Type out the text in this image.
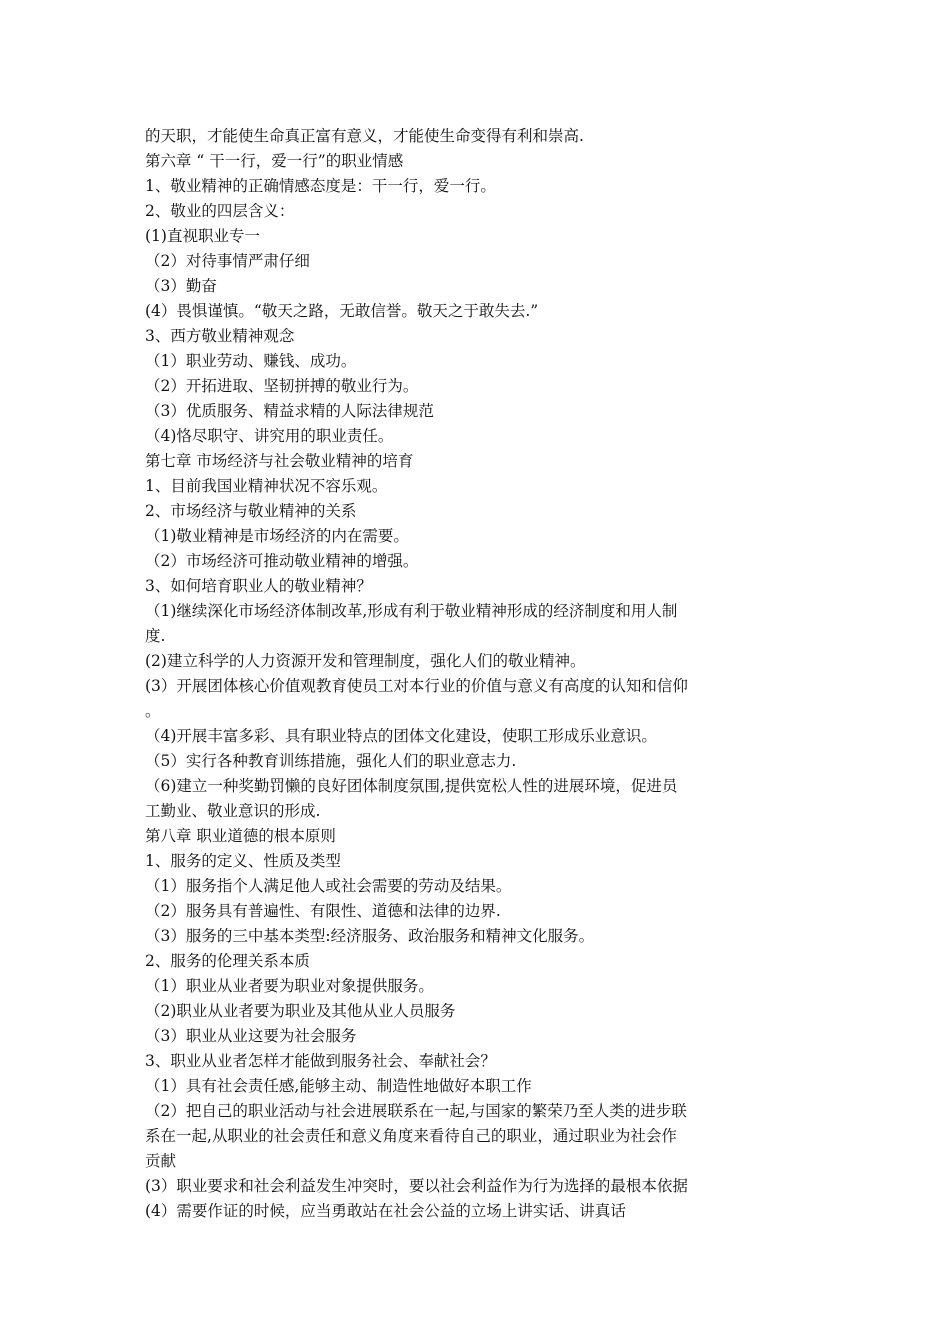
的天职，才能使生命真正富有意义，才能使生命变得有利和崇高.
第六章 “ 干一行，爱一行”的职业情感
1、敬业精神的正确情感态度是：干一行，爱一行。
2、敬业的四层含义：
(1)直视职业专一
（2）对待事情严肃仔细
（3）勤奋
(4）畏惧谨慎。“敬天之路，无敢信誉。敬天之于敢失去.”
3、西方敬业精神观念
（1）职业劳动、赚钱、成功。
（2）开拓进取、坚韧拼搏的敬业行为。
（3）优质服务、精益求精的人际法律规范
（4)恪尽职守、讲究用的职业责任。
第七章 市场经济与社会敬业精神的培育
1、目前我国业精神状况不容乐观。
2、市场经济与敬业精神的关系
（1)敬业精神是市场经济的内在需要。
（2）市场经济可推动敬业精神的增强。
3、如何培育职业人的敬业精神？
（1)继续深化市场经济体制改革,形成有利于敬业精神形成的经济制度和用人制
度.
(2)建立科学的人力资源开发和管理制度，强化人们的敬业精神。
(3）开展团体核心价值观教育使员工对本行业的价值与意义有高度的认知和信仰
。
（4)开展丰富多彩、具有职业特点的团体文化建设，使职工形成乐业意识。
（5）实行各种教育训练措施，强化人们的职业意志力.
（6)建立一种奖勤罚懒的良好团体制度氛围,提供宽松人性的进展环境，促进员
工勤业、敬业意识的形成.
第八章 职业道德的根本原则
1、服务的定义、性质及类型
（1）服务指个人满足他人或社会需要的劳动及结果。
（2）服务具有普遍性、有限性、道德和法律的边界.
（3）服务的三中基本类型:经济服务、政治服务和精神文化服务。
2、服务的伦理关系本质
（1）职业从业者要为职业对象提供服务。
（2)职业从业者要为职业及其他从业人员服务
（3）职业从业这要为社会服务
3、职业从业者怎样才能做到服务社会、奉献社会？
（1）具有社会责任感,能够主动、制造性地做好本职工作
（2）把自己的职业活动与社会进展联系在一起,与国家的繁荣乃至人类的进步联
系在一起,从职业的社会责任和意义角度来看待自己的职业，通过职业为社会作
贡献
(3）职业要求和社会利益发生冲突时，要以社会利益作为行为选择的最根本依据
(4）需要作证的时候，应当勇敢站在社会公益的立场上讲实话、讲真话
